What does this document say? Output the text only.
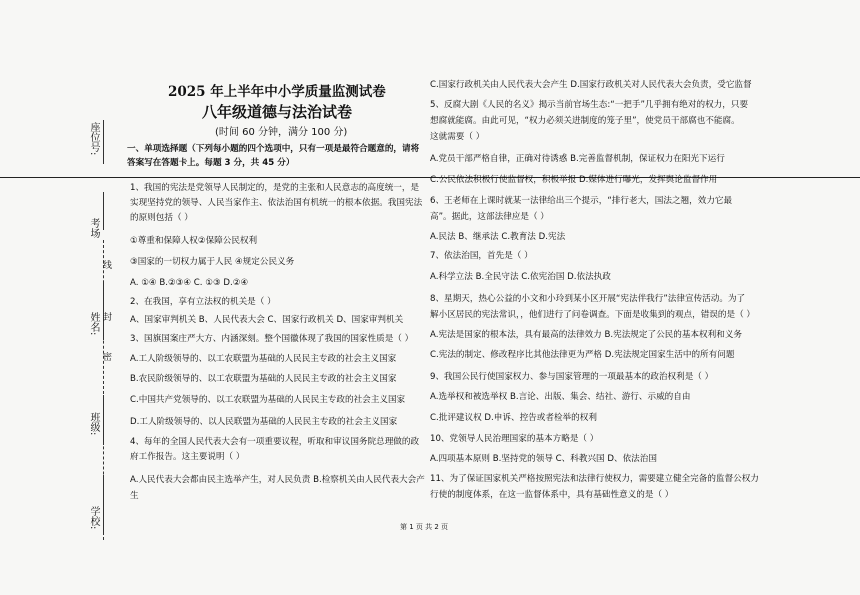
座位号:
考场
姓名:
班级:
学校:
线
封
密
2025 年上半年中小学质量监测试卷
八年级道德与法治试卷
(时间 60 分钟，满分 100 分)
一、单项选择题（下列每小题的四个选项中，只有一项是最符合题意的，请将
答案写在答题卡上。每题 3 分，共 45 分）
1、我国的宪法是党领导人民制定的，是党的主张和人民意志的高度统一，是
实现坚持党的领导、人民当家作主、依法治国有机统一的根本依据。我国宪法
的原则包括（ ）
①尊重和保障人权②保障公民权利
③国家的一切权力属于人民 ④规定公民义务
A. ①④ B.②③④ C. ①③ D.②④
2、在我国，享有立法权的机关是（ ）
A、国家审判机关 B、人民代表大会 C、国家行政机关 D、国家审判机关
3、国旗国案庄严大方、内涵深刻。整个国徽体现了我国的国家性质是（ ）
A.工人阶级领导的、以工农联盟为基础的人民民主专政的社会主义国家
B.农民阶级领导的、以工农联盟为基础的人民民主专政的社会主义国家
C.中国共产党领导的、以工农联盟为基础的人民民主专政的社会主义国家
D.工人阶级领导的、以人民联盟为基础的人民民主专政的社会主义国家
4、每年的全国人民代表大会有一项重要议程，听取和审议国务院总理做的政
府工作报告。这主要说明（ ）
A.人民代表大会都由民主选举产生，对人民负责 B.检察机关由人民代表大会产
生
C.国家行政机关由人民代表大会产生 D.国家行政机关对人民代表大会负责，受它监督
5、反腐大剧《人民的名义》揭示当前官场生态:“一把手”几乎拥有绝对的权力，只要
想腐就能腐。由此可见，“权力必须关进制度的笼子里”，使党员干部腐也不能腐。
这就需要（ ）
A.党员干部严格自律，正确对待诱惑 B.完善监督机制，保证权力在阳光下运行
C.公民依法积极行使监督权，积极举报 D.媒体进行曝光，发挥舆论监督作用
6、王老师在上课时就某一法律给出三个提示，“排行老大，国法之翘，效力它最
高”。据此，这部法律应是（ ）
A.民法 B、继承法 C.教育法 D.宪法
7、依法治国，首先是（ ）
A.科学立法 B.全民守法 C.依宪治国 D.依法执政
8、星期天，热心公益的小文和小玲到某小区开展“宪法伴我行”法律宣传活动。为了
解小区居民的宪法常识，，他们进行了问卷调查。下面是收集到的观点，错误的是（ ）
A.宪法是国家的根本法，具有最高的法律效力 B.宪法规定了公民的基本权利和义务
C.宪法的制定、修改程序比其他法律更为严格 D.宪法规定国家生活中的所有问题
9、我国公民行使国家权力、参与国家管理的一项最基本的政治权利是（ ）
A.选举权和被选举权 B.言论、出版、集会、结社、游行、示威的自由
C.批评建议权 D.申诉、控告或者检举的权利
10、党领导人民治理国家的基本方略是（ ）
A.四项基本原则 B.坚持党的领导 C、科教兴国 D、依法治国
11、为了保证国家机关严格按照宪法和法律行使权力，需要建立健全完备的监督公权力
行使的制度体系，在这一监督体系中，具有基础性意义的是（ ）
第 1 页 共 2 页
